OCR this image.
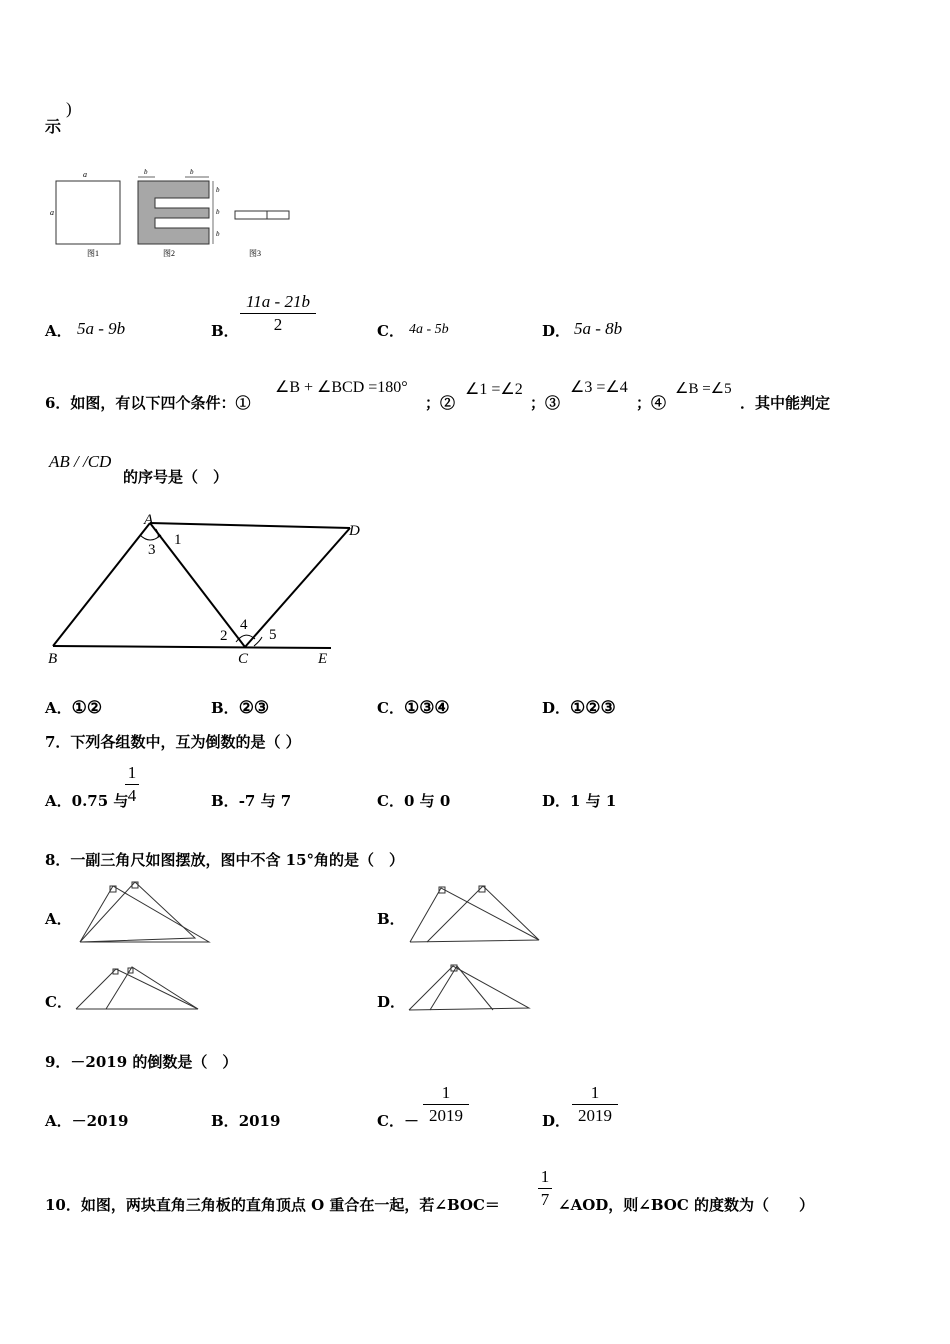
示
)
a
a
图1
b	b
b
b
b
图2	图3
A． 5a - 9b	B．
11a - 21b
2	C． 4a - 5b	D． 5a - 8b
6．如图，有以下四个条件：①
∠B + ∠BCD =180°
；②
∠1 =∠2
；③
∠3 =∠4
；④
∠B =∠5
．其中能判定
AB / /CD
的序号是（　）
A
D
B	C	E
1
2
3
4
5
A．①②	B．②③	C．①③④	D．①②③
7．下列各组数中，互为倒数的是（ ）
A．0.75 与
1
4	B．-7 与 7	C．0 与 0	D．1 与 1
8．一副三角尺如图摆放，图中不含 15°角的是（　）
A．	B．
C．	D．
9．－2019 的倒数是（　）
A．－2019	B．2019	C．－
1
2019	D．
1
2019
10．如图，两块直角三角板的直角顶点 O 重合在一起，若∠BOC＝
1
7 ∠AOD，则∠BOC 的度数为（　　）
